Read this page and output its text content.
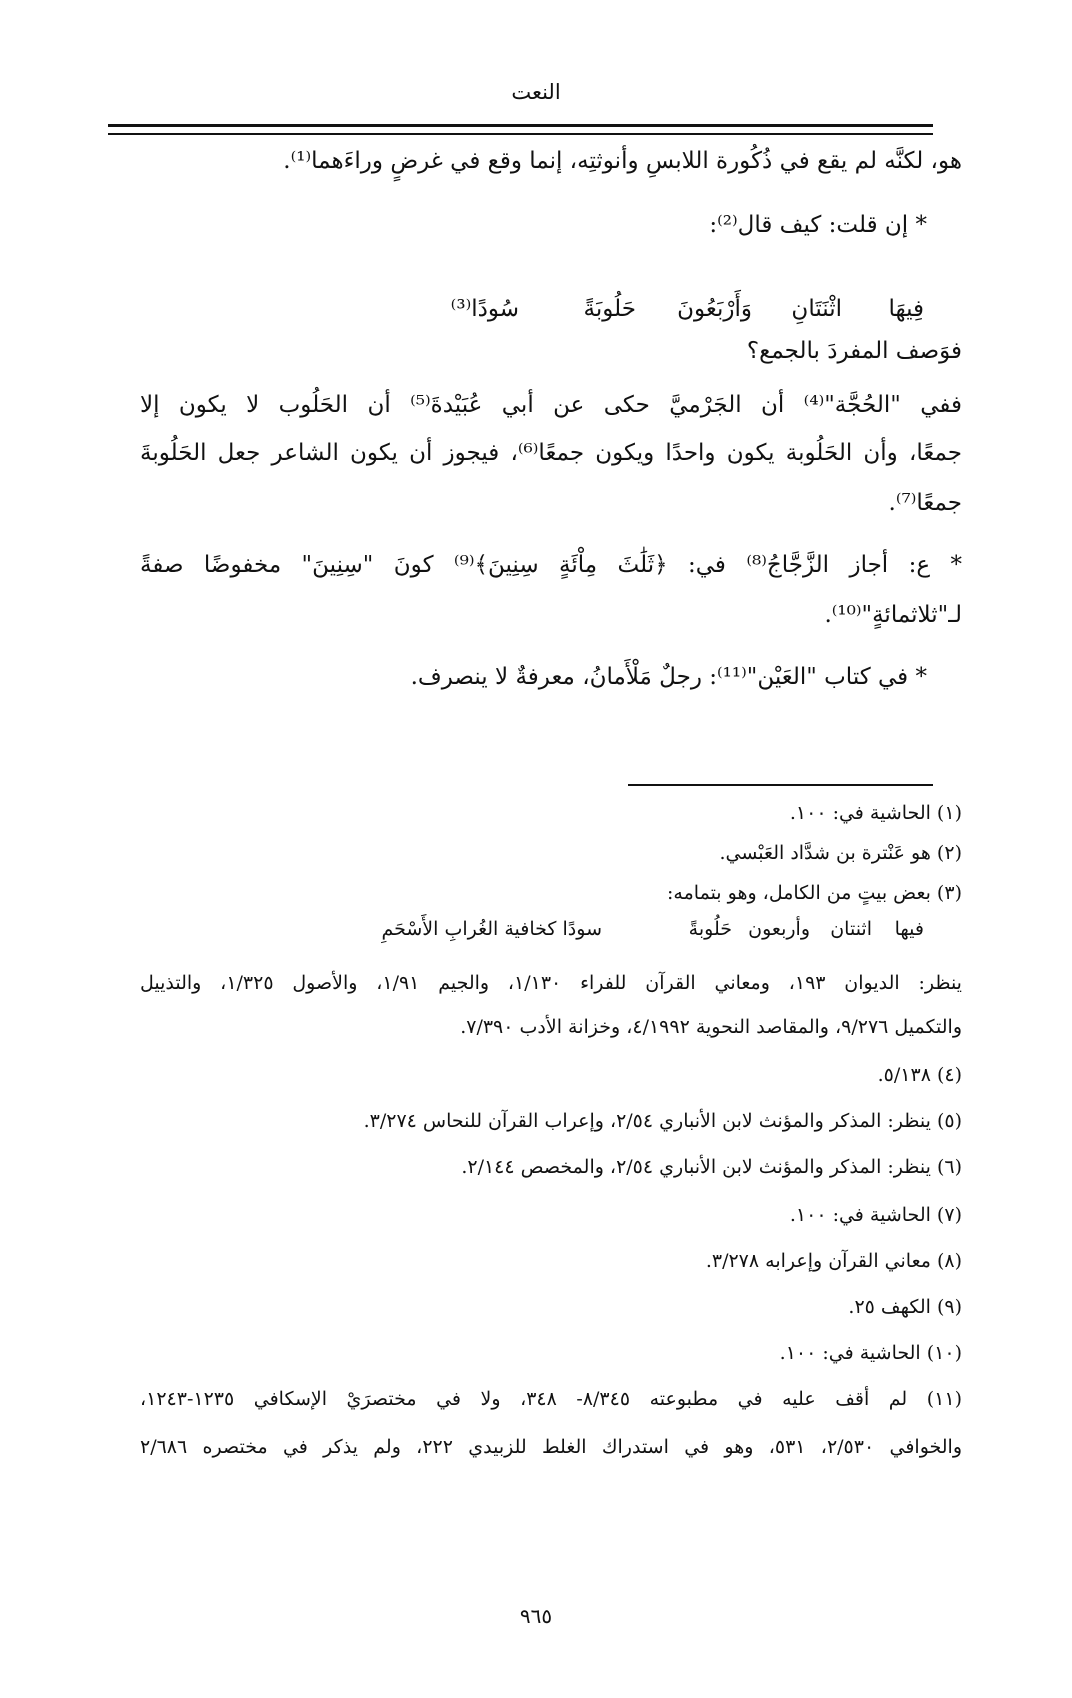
النعت
هو، لكنَّه لم يقع في ذُكُورة اللابسِ وأنوثتِه، إنما وقع في غرضٍ وراءَهما⁽¹⁾.
* إن قلت: كيف قال⁽²⁾:
فِيهَا
اثْنَتَانِ
وَأَرْبَعُونَ
حَلُوبَةً
سُودًا⁽³⁾
فوَصف المفردَ بالجمع؟
ففي "الحُجَّة"⁽⁴⁾ أن الجَرْميَّ حكى عن أبي عُبَيْدةَ⁽⁵⁾ أن الحَلُوب لا يكون إلا
جمعًا، وأن الحَلُوبة يكون واحدًا ويكون جمعًا⁽⁶⁾، فيجوز أن يكون الشاعر جعل الحَلُوبةَ
جمعًا⁽⁷⁾.
* ع: أجاز الزَّجَّاجُ⁽⁸⁾ في: ﴿ثَلَٰثَ مِاْئَةٍ سِنِينَ﴾⁽⁹⁾ كونَ "سِنِينَ" مخفوضًا صفةً
لـ"ثلاثمائةٍ"⁽¹⁰⁾.
* في كتاب "العَيْن"⁽¹¹⁾: رجلٌ مَلْأَمانُ، معرفةٌ لا ينصرف.
(١) الحاشية في: ١٠٠.
(٢) هو عَنْترة بن شدَّاد العَبْسي.
(٣) بعض بيتٍ من الكامل، وهو بتمامه:
فيها
اثنتان
وأربعون
حَلُوبةً
سودًا كخافية الغُرابِ الأَسْحَمِ
ينظر: الديوان ١٩٣، ومعاني القرآن للفراء ١/١٣٠، والجيم ١/٩١، والأصول ١/٣٢٥، والتذييل
والتكميل ٩/٢٧٦، والمقاصد النحوية ٤/١٩٩٢، وخزانة الأدب ٧/٣٩٠.
(٤) ٥/١٣٨.
(٥) ينظر: المذكر والمؤنث لابن الأنباري ٢/٥٤، وإعراب القرآن للنحاس ٣/٢٧٤.
(٦) ينظر: المذكر والمؤنث لابن الأنباري ٢/٥٤، والمخصص ٢/١٤٤.
(٧) الحاشية في: ١٠٠.
(٨) معاني القرآن وإعرابه ٣/٢٧٨.
(٩) الكهف ٢٥.
(١٠) الحاشية في: ١٠٠.
(١١) لم أقف عليه في مطبوعته ٨/٣٤٥- ٣٤٨، ولا في مختصرَيْ الإسكافي ١٢٣٥-١٢٤٣،
والخوافي ٢/٥٣٠، ٥٣١، وهو في استدراك الغلط للزبيدي ٢٢٢، ولم يذكر في مختصره ٢/٦٨٦
٩٦٥
